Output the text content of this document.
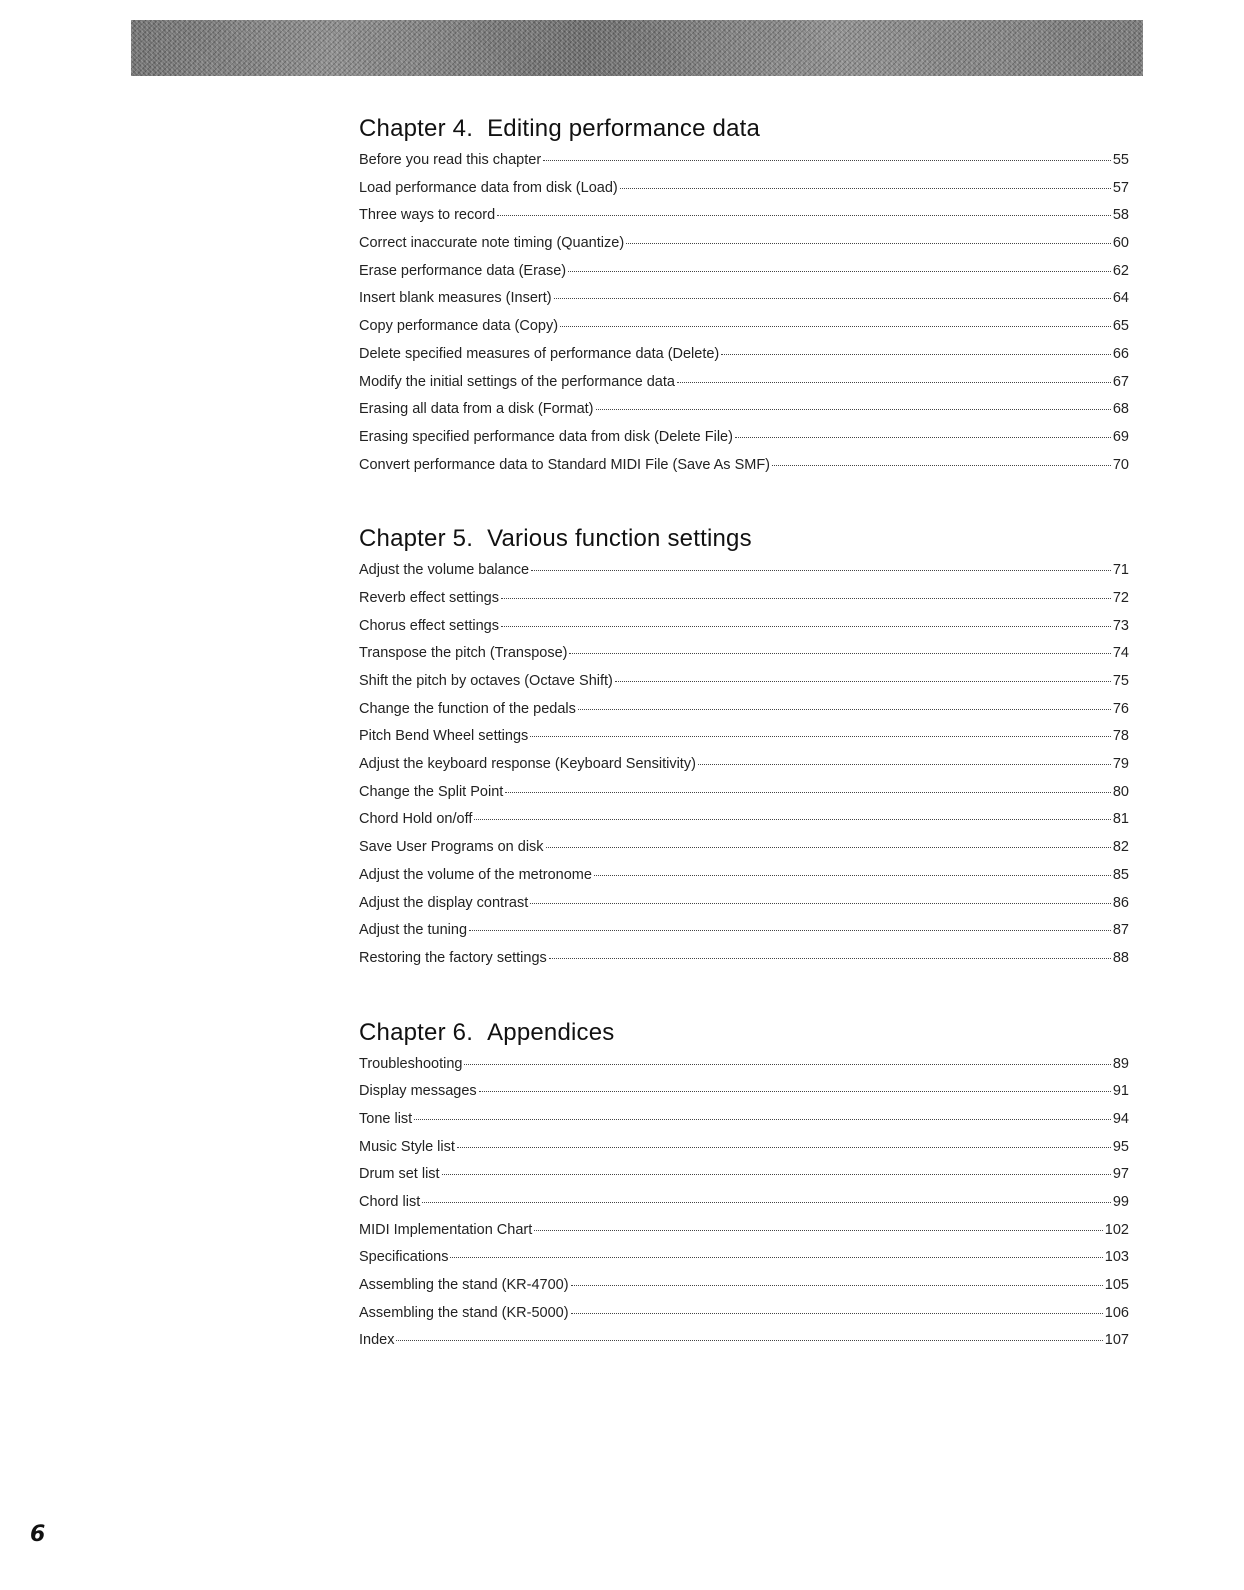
Chapter 4. Editing performance data
Before you read this chapter	55
Load performance data from disk (Load)	57
Three ways to record	58
Correct inaccurate note timing (Quantize)	60
Erase performance data (Erase)	62
Insert blank measures (Insert)	64
Copy performance data (Copy)	65
Delete specified measures of performance data (Delete)	66
Modify the initial settings of the performance data	67
Erasing all data from a disk (Format)	68
Erasing specified performance data from disk (Delete File)	69
Convert performance data to Standard MIDI File (Save As SMF)	70
Chapter 5. Various function settings
Adjust the volume balance	71
Reverb effect settings	72
Chorus effect settings	73
Transpose the pitch (Transpose)	74
Shift the pitch by octaves (Octave Shift)	75
Change the function of the pedals	76
Pitch Bend Wheel settings	78
Adjust the keyboard response (Keyboard Sensitivity)	79
Change the Split Point	80
Chord Hold on/off	81
Save User Programs on disk	82
Adjust the volume of the metronome	85
Adjust the display contrast	86
Adjust the tuning	87
Restoring the factory settings	88
Chapter 6. Appendices
Troubleshooting	89
Display messages	91
Tone list	94
Music Style list	95
Drum set list	97
Chord list	99
MIDI Implementation Chart	102
Specifications	103
Assembling the stand (KR-4700)	105
Assembling the stand (KR-5000)	106
Index	107
6
